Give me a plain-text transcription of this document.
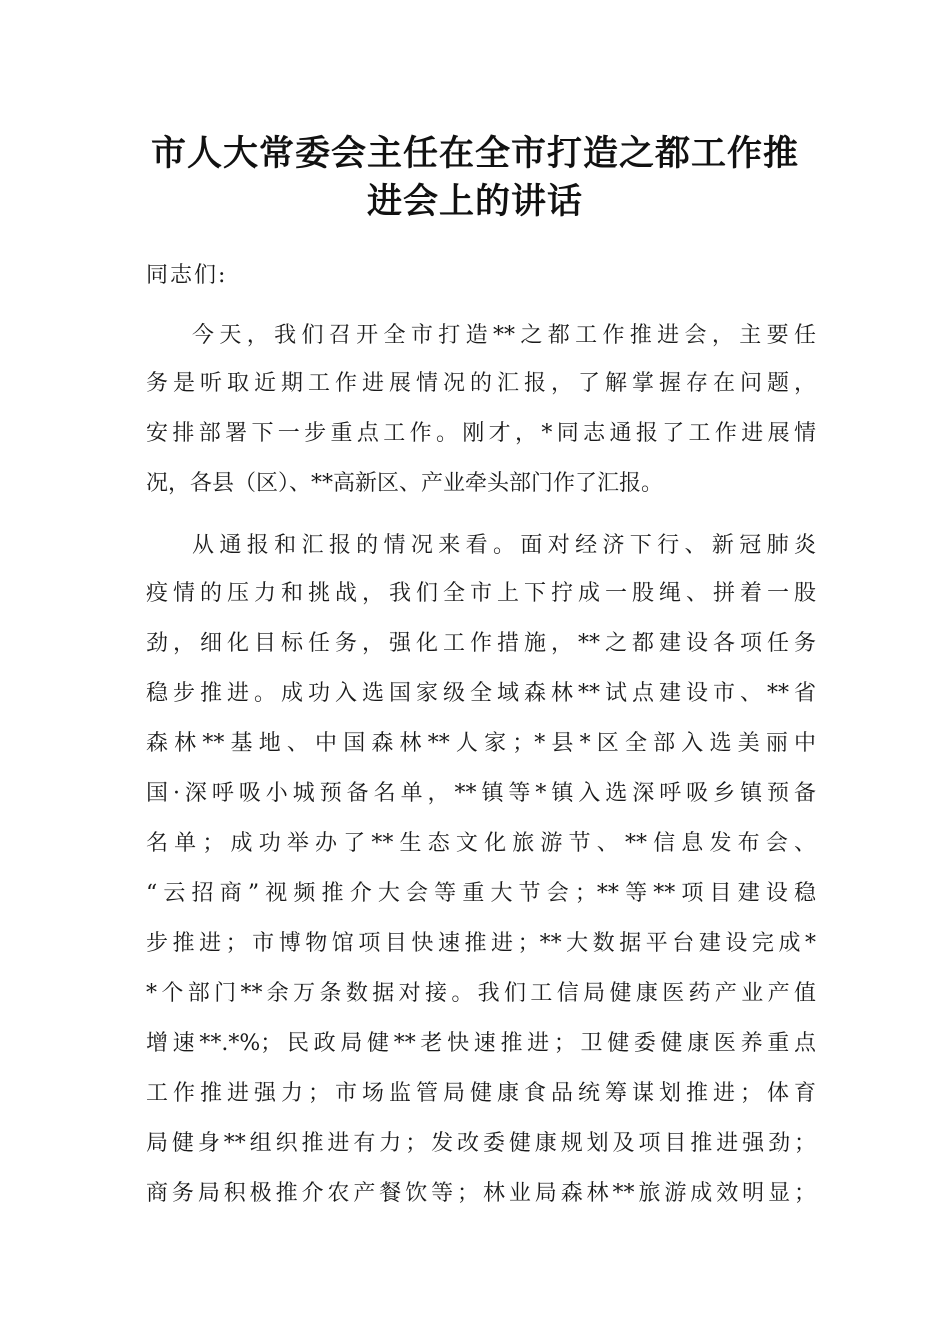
市人大常委会主任在全市打造之都工作推
进会上的讲话
同志们:
今天，我们召开全市打造**之都工作推进会，主要任
务是听取近期工作进展情况的汇报，了解掌握存在问题，
安排部署下一步重点工作。刚才，*同志通报了工作进展情
况，各县（区）、**高新区、产业牵头部门作了汇报。
从通报和汇报的情况来看。面对经济下行、新冠肺炎
疫情的压力和挑战，我们全市上下拧成一股绳、拼着一股
劲，细化目标任务，强化工作措施，**之都建设各项任务
稳步推进。成功入选国家级全域森林**试点建设市、**省
森林**基地、中国森林**人家；*县*区全部入选美丽中
国·深呼吸小城预备名单，**镇等*镇入选深呼吸乡镇预备
名单；成功举办了**生态文化旅游节、**信息发布会、
“云招商”视频推介大会等重大节会；**等**项目建设稳
步推进；市博物馆项目快速推进；**大数据平台建设完成*
*个部门**余万条数据对接。我们工信局健康医药产业产值
增速**.*%；民政局健**老快速推进；卫健委健康医养重点
工作推进强力；市场监管局健康食品统筹谋划推进；体育
局健身**组织推进有力；发改委健康规划及项目推进强劲；
商务局积极推介农产餐饮等；林业局森林**旅游成效明显；
